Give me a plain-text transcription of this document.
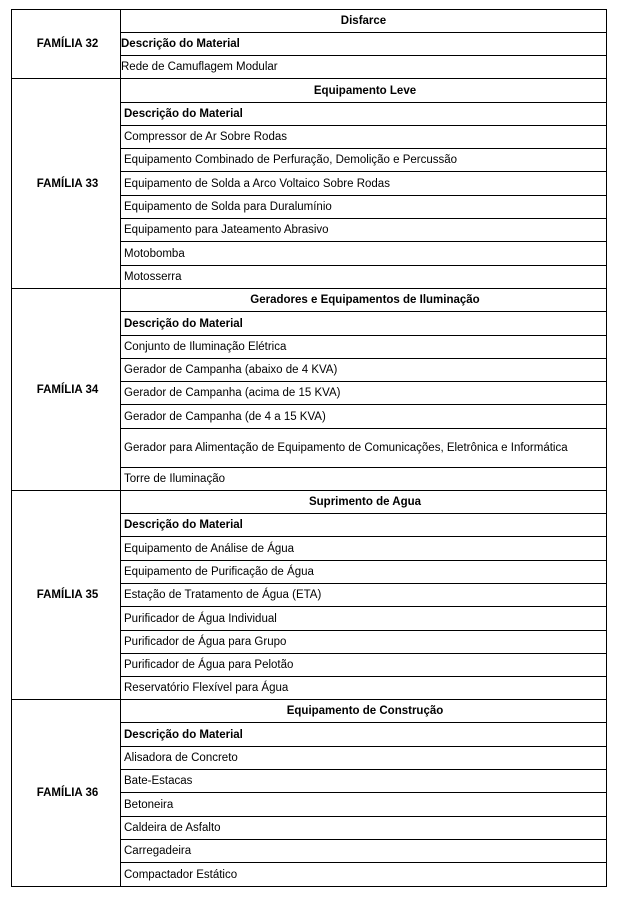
FAMÍLIA 32	Disfarce
	Descrição do Material
	Rede de Camuflagem Modular
FAMÍLIA 33	Equipamento Leve
	Descrição do Material
	Compressor de Ar Sobre Rodas
	Equipamento Combinado de Perfuração, Demolição e Percussão
	Equipamento de Solda a Arco Voltaico Sobre Rodas
	Equipamento de Solda para Duralumínio
	Equipamento para Jateamento Abrasivo
	Motobomba
	Motosserra
FAMÍLIA 34	Geradores e Equipamentos de Iluminação
	Descrição do Material
	Conjunto de Iluminação Elétrica
	Gerador de Campanha (abaixo de 4 KVA)
	Gerador de Campanha (acima de 15 KVA)
	Gerador de Campanha (de 4 a 15 KVA)
	Gerador para Alimentação de Equipamento de Comunicações, Eletrônica e Informática
	Torre de Iluminação
FAMÍLIA 35	Suprimento de Agua
	Descrição do Material
	Equipamento de Análise de Água
	Equipamento de Purificação de Água
	Estação de Tratamento de Água (ETA)
	Purificador de Água Individual
	Purificador de Água para Grupo
	Purificador de Água para Pelotão
	Reservatório Flexível para Água
FAMÍLIA 36	Equipamento de Construção
	Descrição do Material
	Alisadora de Concreto
	Bate-Estacas
	Betoneira
	Caldeira de Asfalto
	Carregadeira
	Compactador Estático
